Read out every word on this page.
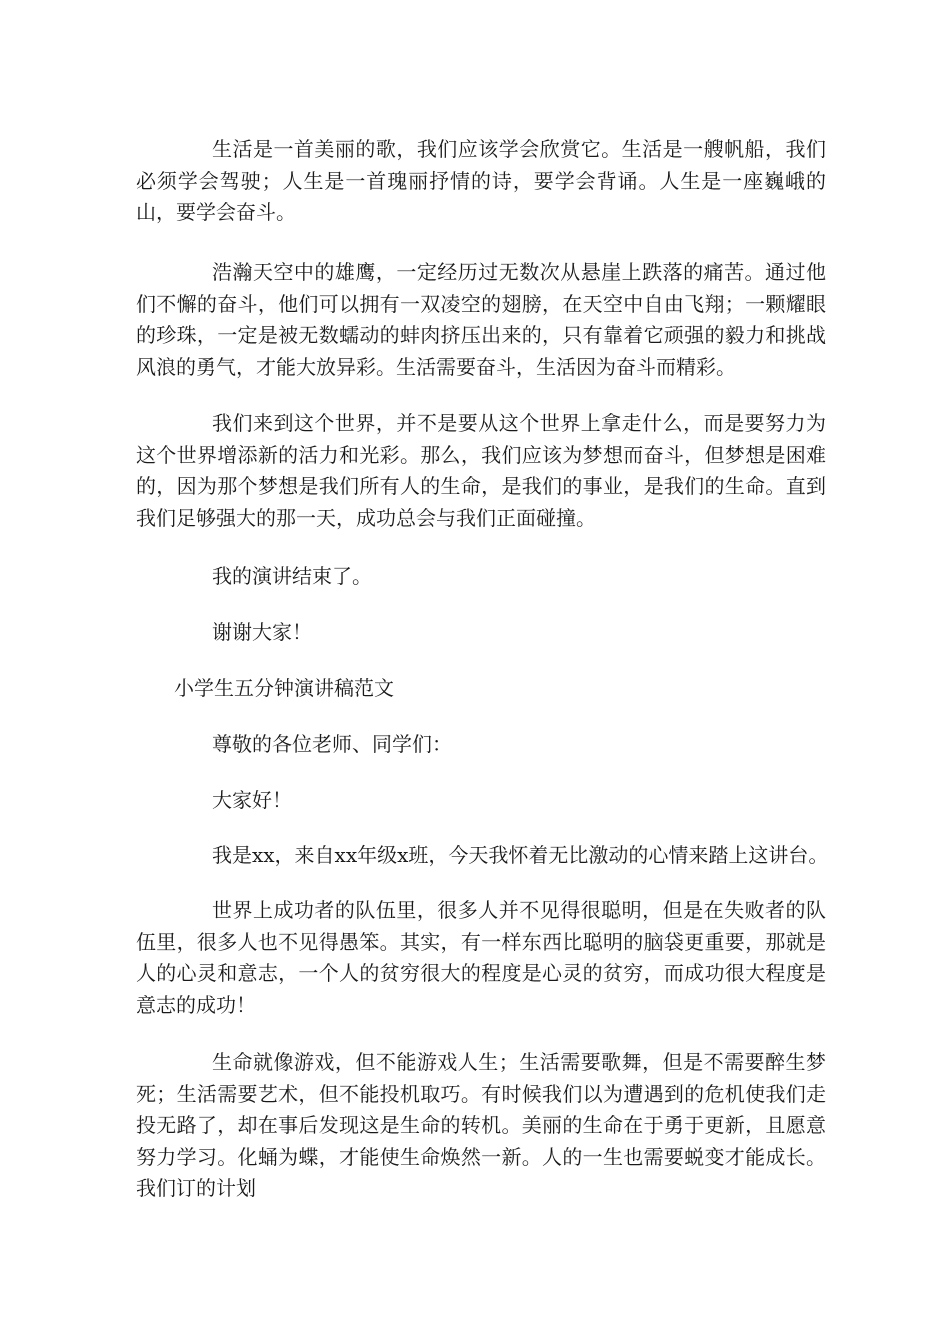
生活是一首美丽的歌，我们应该学会欣赏它。生活是一艘帆船，我们必须学会驾驶；人生是一首瑰丽抒情的诗，要学会背诵。人生是一座巍峨的山，要学会奋斗。

浩瀚天空中的雄鹰，一定经历过无数次从悬崖上跌落的痛苦。通过他们不懈的奋斗，他们可以拥有一双凌空的翅膀，在天空中自由飞翔；一颗耀眼的珍珠，一定是被无数蠕动的蚌肉挤压出来的，只有靠着它顽强的毅力和挑战风浪的勇气，才能大放异彩。生活需要奋斗，生活因为奋斗而精彩。

我们来到这个世界，并不是要从这个世界上拿走什么，而是要努力为这个世界增添新的活力和光彩。那么，我们应该为梦想而奋斗，但梦想是困难的，因为那个梦想是我们所有人的生命，是我们的事业，是我们的生命。直到我们足够强大的那一天，成功总会与我们正面碰撞。

我的演讲结束了。

谢谢大家！

小学生五分钟演讲稿范文

尊敬的各位老师、同学们：

大家好！

我是xx，来自xx年级x班，今天我怀着无比激动的心情来踏上这讲台。

世界上成功者的队伍里，很多人并不见得很聪明，但是在失败者的队伍里，很多人也不见得愚笨。其实，有一样东西比聪明的脑袋更重要，那就是人的心灵和意志，一个人的贫穷很大的程度是心灵的贫穷，而成功很大程度是意志的成功！

生命就像游戏，但不能游戏人生；生活需要歌舞，但是不需要醉生梦死；生活需要艺术，但不能投机取巧。有时候我们以为遭遇到的危机使我们走投无路了，却在事后发现这是生命的转机。美丽的生命在于勇于更新，且愿意努力学习。化蛹为蝶，才能使生命焕然一新。人的一生也需要蜕变才能成长。我们订的计划
